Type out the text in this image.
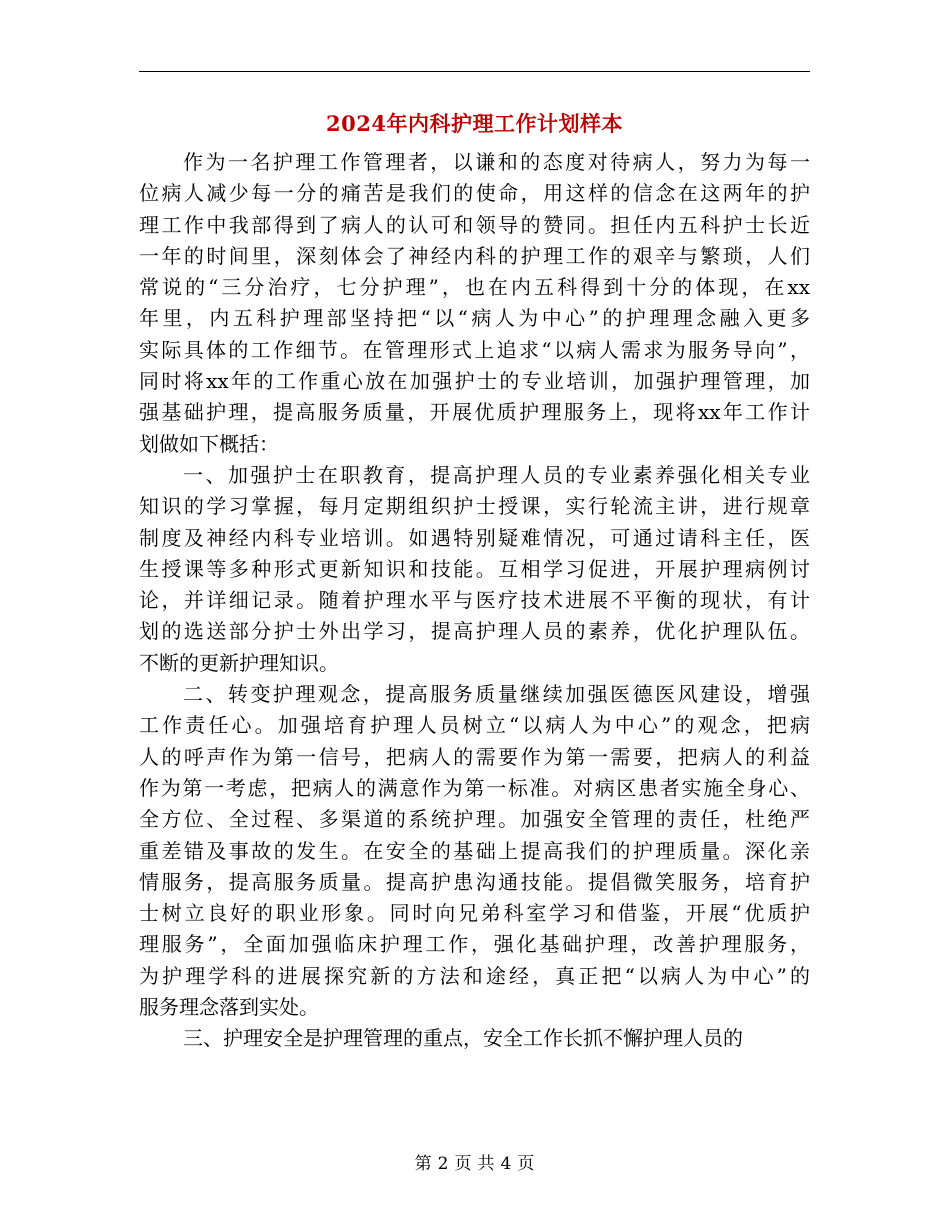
2024年内科护理工作计划样本
作为一名护理工作管理者，以谦和的态度对待病人，努力为每一
位病人减少每一分的痛苦是我们的使命，用这样的信念在这两年的护
理工作中我部得到了病人的认可和领导的赞同。担任内五科护士长近
一年的时间里，深刻体会了神经内科的护理工作的艰辛与繁琐，人们
常说的“三分治疗，七分护理”，也在内五科得到十分的体现，在xx
年里，内五科护理部坚持把“以“病人为中心”的护理理念融入更多
实际具体的工作细节。在管理形式上追求“以病人需求为服务导向”，
同时将xx年的工作重心放在加强护士的专业培训，加强护理管理，加
强基础护理，提高服务质量，开展优质护理服务上，现将xx年工作计
划做如下概括：
一、加强护士在职教育，提高护理人员的专业素养强化相关专业
知识的学习掌握，每月定期组织护士授课，实行轮流主讲，进行规章
制度及神经内科专业培训。如遇特别疑难情况，可通过请科主任，医
生授课等多种形式更新知识和技能。互相学习促进，开展护理病例讨
论，并详细记录。随着护理水平与医疗技术进展不平衡的现状，有计
划的选送部分护士外出学习，提高护理人员的素养，优化护理队伍。
不断的更新护理知识。
二、转变护理观念，提高服务质量继续加强医德医风建设，增强
工作责任心。加强培育护理人员树立“以病人为中心”的观念，把病
人的呼声作为第一信号，把病人的需要作为第一需要，把病人的利益
作为第一考虑，把病人的满意作为第一标准。对病区患者实施全身心、
全方位、全过程、多渠道的系统护理。加强安全管理的责任，杜绝严
重差错及事故的发生。在安全的基础上提高我们的护理质量。深化亲
情服务，提高服务质量。提高护患沟通技能。提倡微笑服务，培育护
士树立良好的职业形象。同时向兄弟科室学习和借鉴，开展“优质护
理服务”，全面加强临床护理工作，强化基础护理，改善护理服务，
为护理学科的进展探究新的方法和途经，真正把“以病人为中心”的
服务理念落到实处。
三、护理安全是护理管理的重点，安全工作长抓不懈护理人员的
第 2 页 共 4 页
